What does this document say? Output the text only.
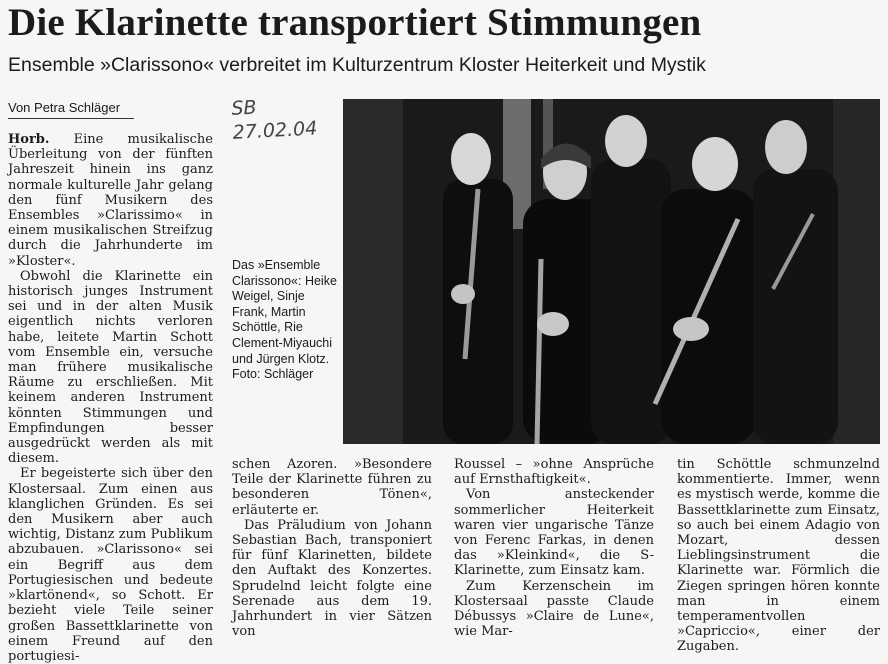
Die Klarinette transportiert Stimmungen
Ensemble »Clarissono« verbreitet im Kulturzentrum Kloster Heiterkeit und Mystik
Von Petra Schläger	SB
27.02.04

Horb. Eine musikalische Überleitung von der fünften Jahreszeit hinein ins ganz normale kulturelle Jahr gelang den fünf Musikern des Ensembles »Clarissimo« in einem musikalischen Streifzug durch die Jahrhunderte im »Kloster«.

Obwohl die Klarinette ein historisch junges Instrument sei und in der alten Musik eigentlich nichts verloren habe, leitete Martin Schott vom Ensemble ein, versuche man frühere musikalische Räume zu erschließen. Mit keinem anderen Instrument könnten Stimmungen und Empfindungen besser ausgedrückt werden als mit diesem.

Er begeisterte sich über den Klostersaal. Zum einen aus klanglichen Gründen. Es sei den Musikern aber auch wichtig, Distanz zum Publikum abzubauen. »Clarissono« sei ein Begriff aus dem Portugiesischen und bedeute »klartönend«, so Schott. Er bezieht viele Teile seiner großen Bassettklarinette von einem Freund auf den portugiesi-

Das »Ensemble Clarissono«: Heike Weigel, Sinje Frank, Martin Schöttle, Rie Clement-Miyauchi und Jürgen Klotz. Foto: Schläger

schen Azoren. »Besondere Teile der Klarinette führen zu besonderen Tönen«, erläuterte er.

Das Präludium von Johann Sebastian Bach, transponiert für fünf Klarinetten, bildete den Auftakt des Konzertes. Sprudelnd leicht folgte eine Serenade aus dem 19. Jahrhundert in vier Sätzen von

Roussel – »ohne Ansprüche auf Ernsthaftigkeit«.

Von ansteckender sommerlicher Heiterkeit waren vier ungarische Tänze von Ferenc Farkas, in denen das »Kleinkind«, die S-Klarinette, zum Einsatz kam.

Zum Kerzenschein im Klostersaal passte Claude Débussys »Claire de Lune«, wie Mar-

tin Schöttle schmunzelnd kommentierte. Immer, wenn es mystisch werde, komme die Bassettklarinette zum Einsatz, so auch bei einem Adagio von Mozart, dessen Lieblingsinstrument die Klarinette war. Förmlich die Ziegen springen hören konnte man in einem temperamentvollen »Capriccio«, einer der Zugaben.
